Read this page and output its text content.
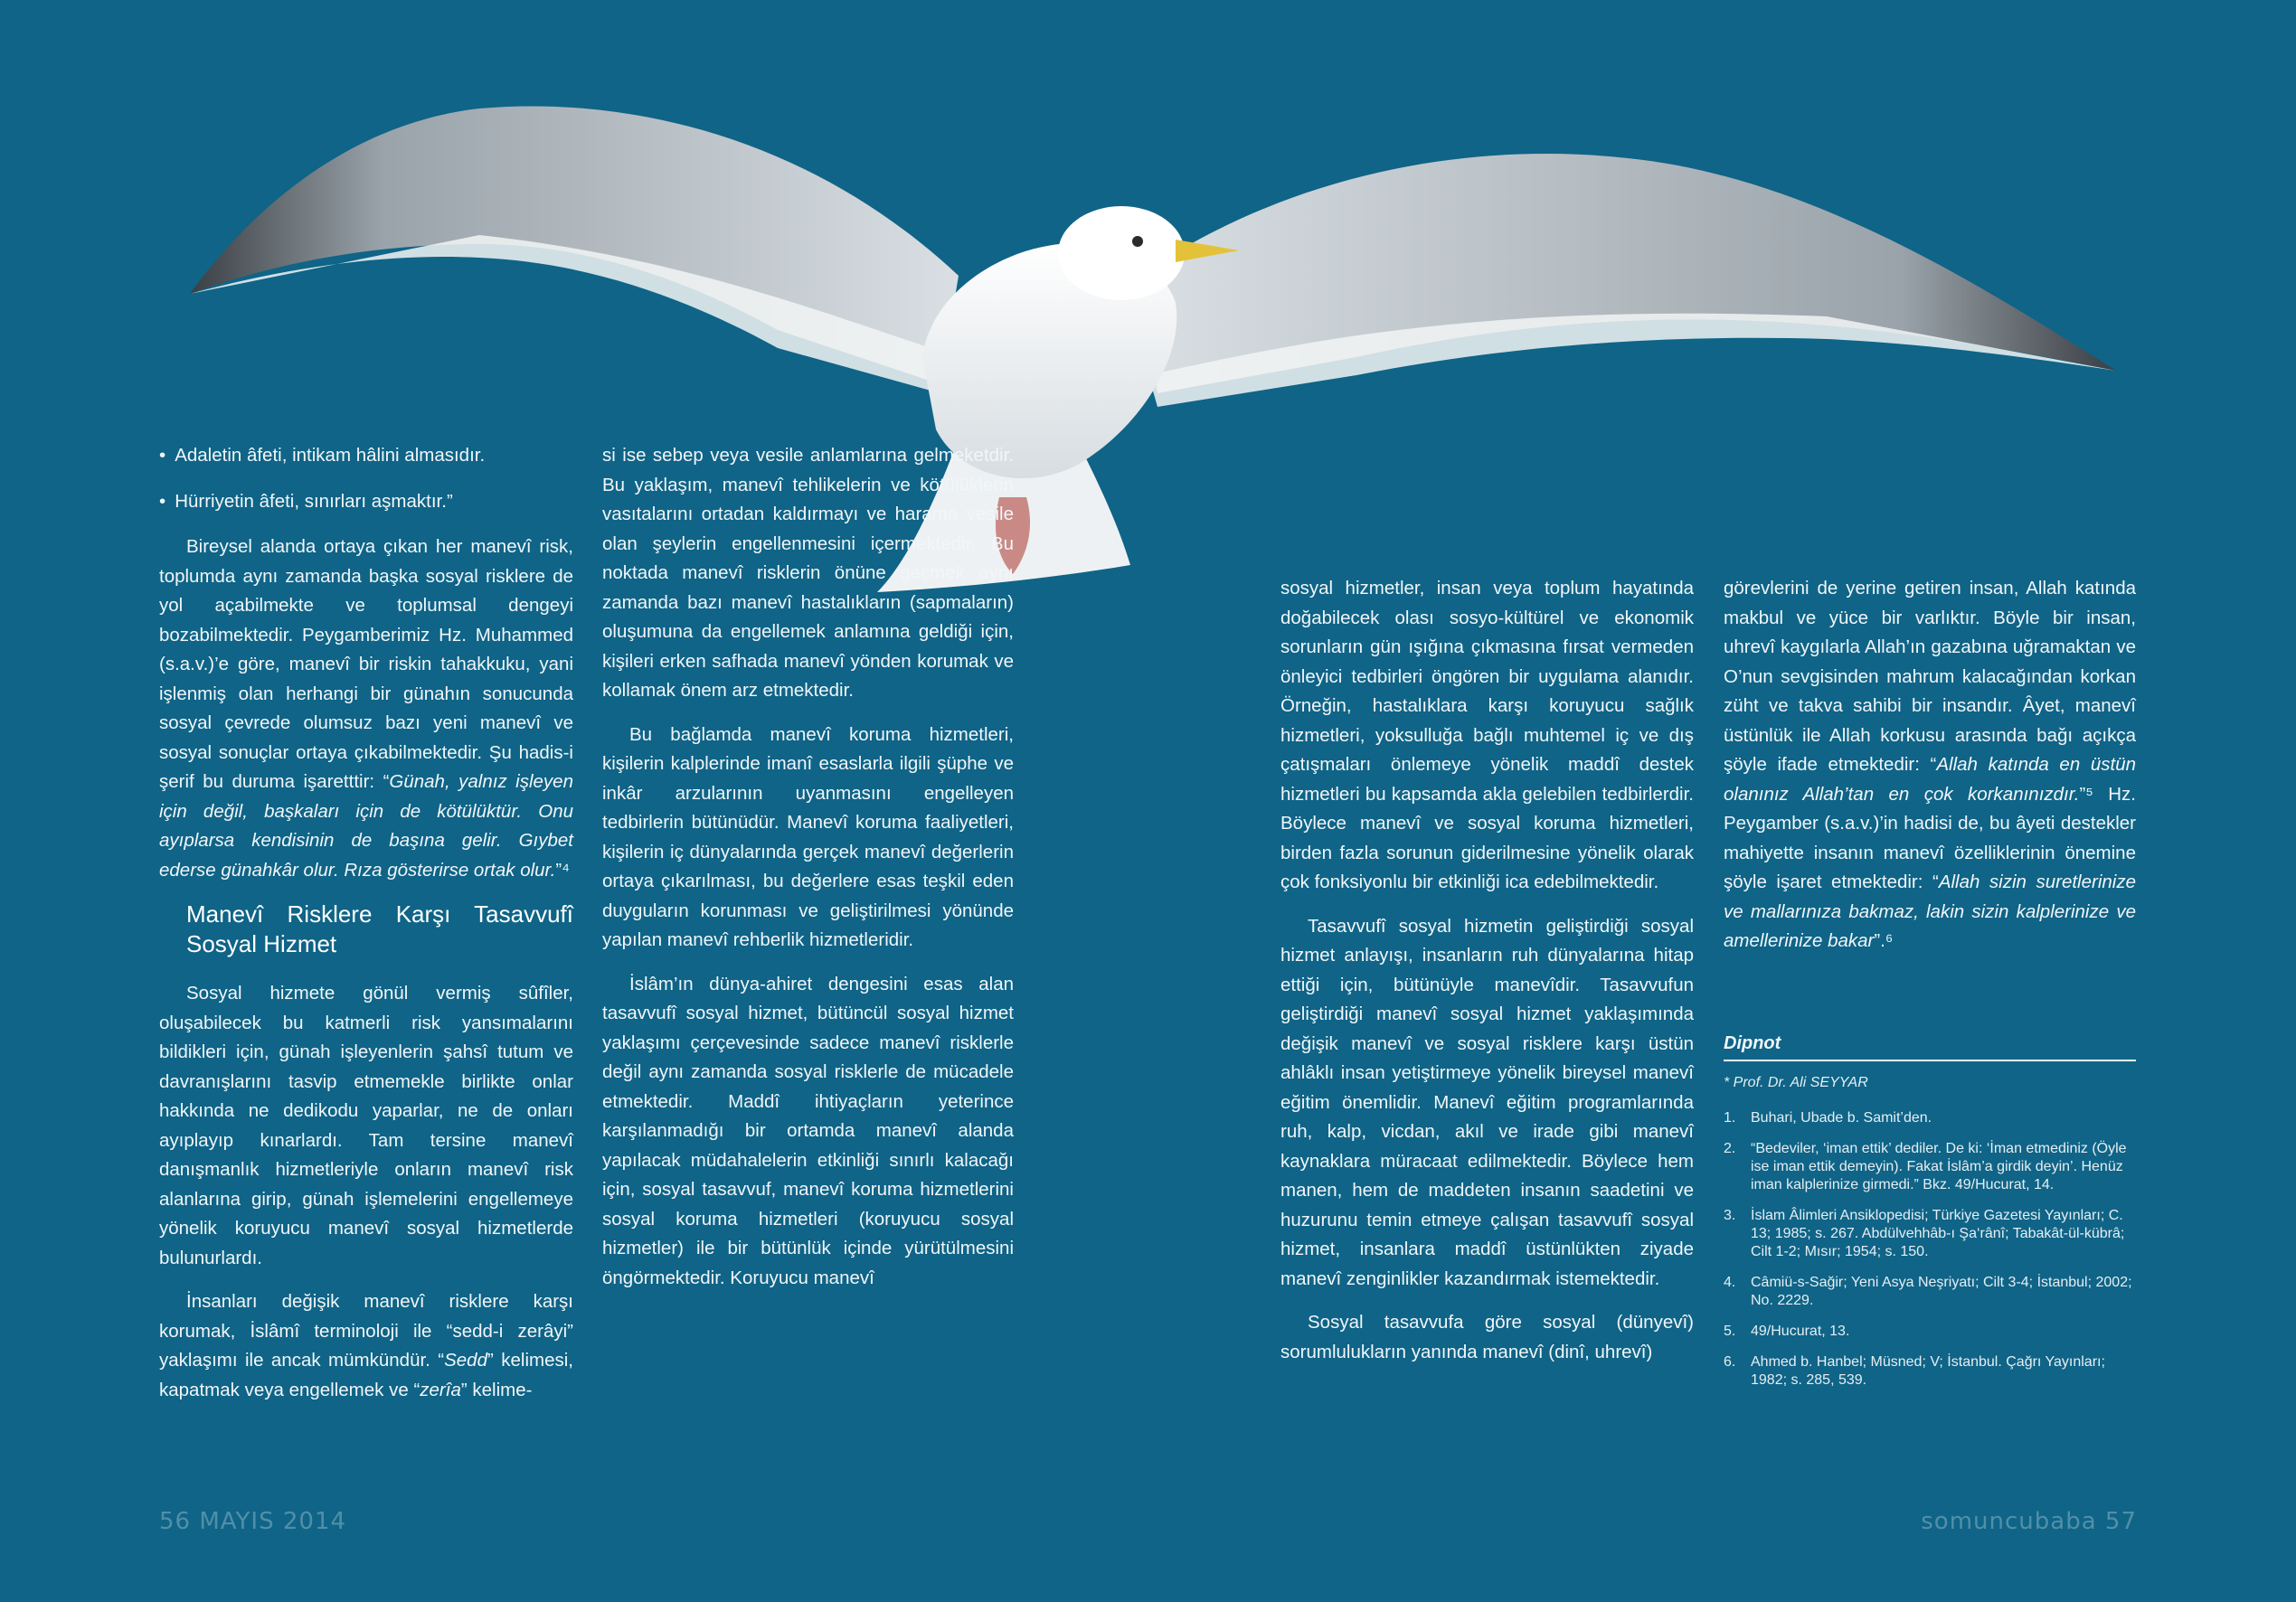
• Adaletin âfeti, intikam hâlini almasıdır.

• Hürriyetin âfeti, sınırları aşmaktır.”

Bireysel alanda ortaya çıkan her manevî risk, toplumda aynı zamanda başka sosyal risklere de yol açabilmekte ve toplumsal dengeyi bozabilmektedir. Peygamberimiz Hz. Muhammed (s.a.v.)’e göre, manevî bir riskin tahakkuku, yani işlenmiş olan herhangi bir günahın sonucunda sosyal çevrede olumsuz bazı yeni manevî ve sosyal sonuçlar ortaya çıkabilmektedir. Şu hadis-i şerif bu duruma işaretttir: “Günah, yalnız işleyen için değil, başkaları için de kötülüktür. Onu ayıplarsa kendisinin de başına gelir. Gıybet ederse günahkâr olur. Rıza gösterirse ortak olur.”⁴

Manevî Risklere Karşı Tasavvufî Sosyal Hizmet

Sosyal hizmete gönül vermiş sûfîler, oluşabilecek bu katmerli risk yansımalarını bildikleri için, günah işleyenlerin şahsî tutum ve davranışlarını tasvip etmemekle birlikte onlar hakkında ne dedikodu yaparlar, ne de onları ayıplayıp kınarlardı. Tam tersine manevî danışmanlık hizmetleriyle onların manevî risk alanlarına girip, günah işlemelerini engellemeye yönelik koruyucu manevî sosyal hizmetlerde bulunurlardı.

İnsanları değişik manevî risklere karşı korumak, İslâmî terminoloji ile “sedd-i zerâyi” yaklaşımı ile ancak mümkündür. “Sedd” kelimesi, kapatmak veya engellemek ve “zerîa” kelime-

si ise sebep veya vesile anlamlarına gelmeketdir. Bu yaklaşım, manevî tehlikelerin ve kötülüklerin vasıtalarını ortadan kaldırmayı ve harama vesile olan şeylerin engellenmesini içermektedir. Bu noktada manevî risklerin önüne geçmek aynı zamanda bazı manevî hastalıkların (sapmaların) oluşumuna da engellemek anlamına geldiği için, kişileri erken safhada manevî yönden korumak ve kollamak önem arz etmektedir.

Bu bağlamda manevî koruma hizmetleri, kişilerin kalplerinde imanî esaslarla ilgili şüphe ve inkâr arzularının uyanmasını engelleyen tedbirlerin bütünüdür. Manevî koruma faaliyetleri, kişilerin iç dünyalarında gerçek manevî değerlerin ortaya çıkarılması, bu değerlere esas teşkil eden duyguların korunması ve geliştirilmesi yönünde yapılan manevî rehberlik hizmetleridir.

İslâm’ın dünya-ahiret dengesini esas alan tasavvufî sosyal hizmet, bütüncül sosyal hizmet yaklaşımı çerçevesinde sadece manevî risklerle değil aynı zamanda sosyal risklerle de mücadele etmektedir. Maddî ihtiyaçların yeterince karşılanmadığı bir ortamda manevî alanda yapılacak müdahalelerin etkinliği sınırlı kalacağı için, sosyal tasavvuf, manevî koruma hizmetlerini sosyal koruma hizmetleri (koruyucu sosyal hizmetler) ile bir bütünlük içinde yürütülmesini öngörmektedir. Koruyucu manevî

sosyal hizmetler, insan veya toplum hayatında doğabilecek olası sosyo-kültürel ve ekonomik sorunların gün ışığına çıkmasına fırsat vermeden önleyici tedbirleri öngören bir uygulama alanıdır. Örneğin, hastalıklara karşı koruyucu sağlık hizmetleri, yoksulluğa bağlı muhtemel iç ve dış çatışmaları önlemeye yönelik maddî destek hizmetleri bu kapsamda akla gelebilen tedbirlerdir. Böylece manevî ve sosyal koruma hizmetleri, birden fazla sorunun giderilmesine yönelik olarak çok fonksiyonlu bir etkinliği ica edebilmektedir.

Tasavvufî sosyal hizmetin geliştirdiği sosyal hizmet anlayışı, insanların ruh dünyalarına hitap ettiği için, bütünüyle manevîdir. Tasavvufun geliştirdiği manevî sosyal hizmet yaklaşımında değişik manevî ve sosyal risklere karşı üstün ahlâklı insan yetiştirmeye yönelik bireysel manevî eğitim önemlidir. Manevî eğitim programlarında ruh, kalp, vicdan, akıl ve irade gibi manevî kaynaklara müracaat edilmektedir. Böylece hem manen, hem de maddeten insanın saadetini ve huzurunu temin etmeye çalışan tasavvufî sosyal hizmet, insanlara maddî üstünlükten ziyade manevî zenginlikler kazandırmak istemektedir.

Sosyal tasavvufa göre sosyal (dünyevî) sorumlulukların yanında manevî (dinî, uhrevî)

görevlerini de yerine getiren insan, Allah katında makbul ve yüce bir varlıktır. Böyle bir insan, uhrevî kaygılarla Allah’ın gazabına uğramaktan ve O’nun sevgisinden mahrum kalacağından korkan züht ve takva sahibi bir insandır. Âyet, manevî üstünlük ile Allah korkusu arasında bağı açıkça şöyle ifade etmektedir: “Allah katında en üstün olanınız Allah’tan en çok korkanınızdır.”⁵ Hz. Peygamber (s.a.v.)’in hadisi de, bu âyeti destekler mahiyette insanın manevî özelliklerinin önemine şöyle işaret etmektedir: “Allah sizin suretlerinize ve mallarınıza bakmaz, lakin sizin kalplerinize ve amellerinize bakar”.⁶

Dipnot
* Prof. Dr. Ali SEYYAR
1.	Buhari, Ubade b. Samit’den.
2.	“Bedeviler, ‘iman ettik’ dediler. De ki: ‘İman etmediniz (Öyle ise iman ettik demeyin). Fakat İslâm’a girdik deyin’. Henüz iman kalplerinize girmedi.” Bkz. 49/Hucurat, 14.
3.	İslam Âlimleri Ansiklopedisi; Türkiye Gazetesi Yayınları; C. 13; 1985; s. 267. Abdülvehhâb-ı Şa‘rânî; Tabakât-ül-kübrâ; Cilt 1-2; Mısır; 1954; s. 150.
4.	Câmiü-s-Sağir; Yeni Asya Neşriyatı; Cilt 3-4; İstanbul; 2002; No. 2229.
5.	49/Hucurat, 13.
6.	Ahmed b. Hanbel; Müsned; V; İstanbul. Çağrı Yayınları; 1982; s. 285, 539.
56 MAYIS 2014	somuncubaba 57
